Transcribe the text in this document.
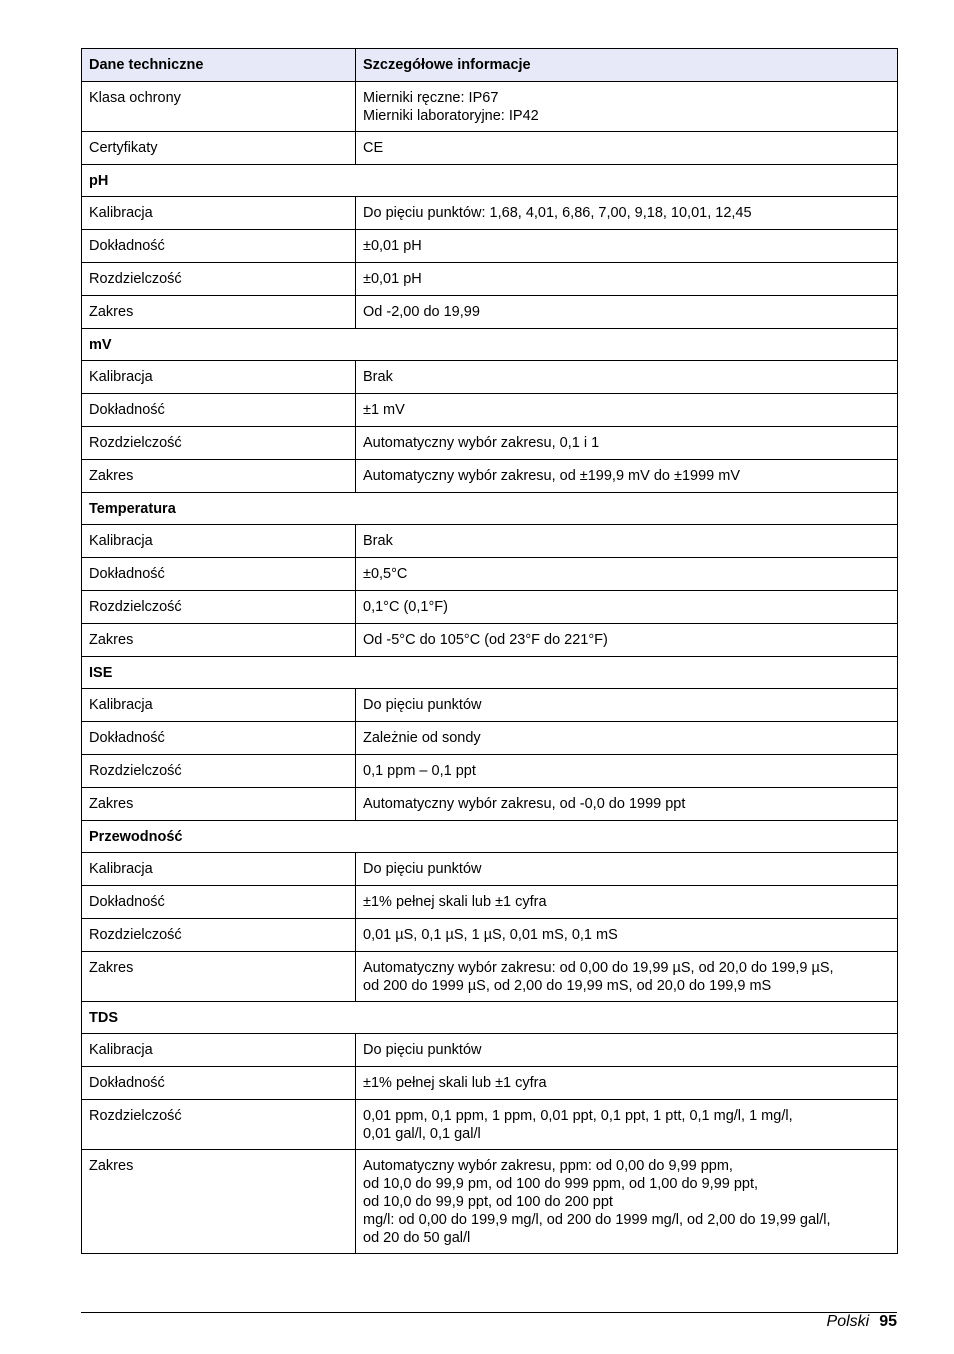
Dane techniczne	Szczegółowe informacje
Klasa ochrony	Mierniki ręczne: IP67
Mierniki laboratoryjne: IP42
Certyfikaty	CE
pH	
Kalibracja	Do pięciu punktów: 1,68, 4,01, 6,86, 7,00, 9,18, 10,01, 12,45
Dokładność	±0,01 pH
Rozdzielczość	±0,01 pH
Zakres	Od -2,00 do 19,99
mV	
Kalibracja	Brak
Dokładność	±1 mV
Rozdzielczość	Automatyczny wybór zakresu, 0,1 i 1
Zakres	Automatyczny wybór zakresu, od ±199,9 mV do ±1999 mV
Temperatura	
Kalibracja	Brak
Dokładność	±0,5°C
Rozdzielczość	0,1°C (0,1°F)
Zakres	Od -5°C do 105°C (od 23°F do 221°F)
ISE	
Kalibracja	Do pięciu punktów
Dokładność	Zależnie od sondy
Rozdzielczość	0,1 ppm – 0,1 ppt
Zakres	Automatyczny wybór zakresu, od -0,0 do 1999 ppt
Przewodność	
Kalibracja	Do pięciu punktów
Dokładność	±1% pełnej skali lub ±1 cyfra
Rozdzielczość	0,01 µS, 0,1 µS, 1 µS, 0,01 mS, 0,1 mS
Zakres	Automatyczny wybór zakresu: od 0,00 do 19,99 µS, od 20,0 do 199,9 µS,
od 200 do 1999 µS, od 2,00 do 19,99 mS, od 20,0 do 199,9 mS
TDS	
Kalibracja	Do pięciu punktów
Dokładność	±1% pełnej skali lub ±1 cyfra
Rozdzielczość	0,01 ppm, 0,1 ppm, 1 ppm, 0,01 ppt, 0,1 ppt, 1 ptt, 0,1 mg/l, 1 mg/l,
0,01 gal/l, 0,1 gal/l
Zakres	Automatyczny wybór zakresu, ppm: od 0,00 do 9,99 ppm,
od 10,0 do 99,9 pm, od 100 do 999 ppm, od 1,00 do 9,99 ppt,
od 10,0 do 99,9 ppt, od 100 do 200 ppt
mg/l: od 0,00 do 199,9 mg/l, od 200 do 1999 mg/l, od 2,00 do 19,99 gal/l,
od 20 do 50 gal/l
Polski 95
